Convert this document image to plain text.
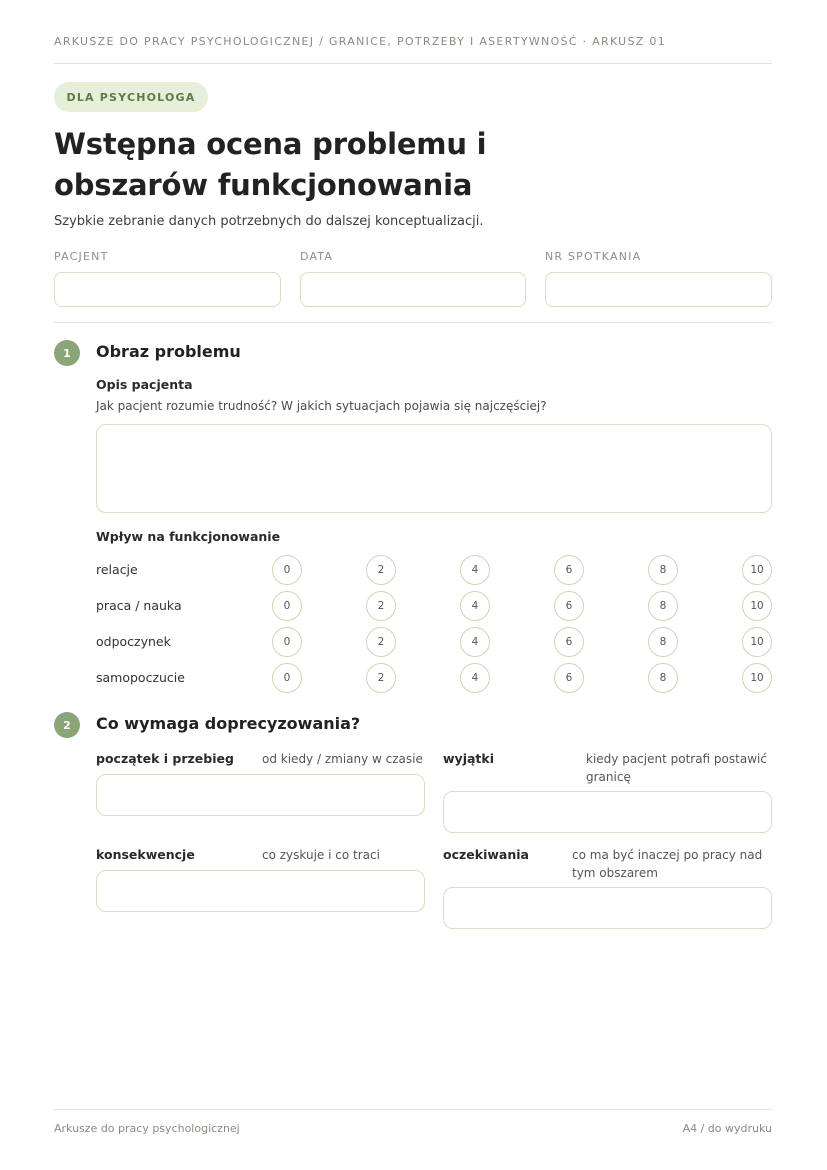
ARKUSZE DO PRACY PSYCHOLOGICZNEJ / GRANICE, POTRZEBY I ASERTYWNOŚĆ · ARKUSZ 01
DLA PSYCHOLOGA
Wstępna ocena problemu i obszarów funkcjonowania
Szybkie zebranie danych potrzebnych do dalszej konceptualizacji.
PACJENT	DATA	NR SPOTKANIA
1	Obraz problemu
Opis pacjenta
Jak pacjent rozumie trudność? W jakich sytuacjach pojawia się najczęściej?
Wpływ na funkcjonowanie
relacje	0	2	4	6	8	10
praca / nauka	0	2	4	6	8	10
odpoczynek	0	2	4	6	8	10
samopoczucie	0	2	4	6	8	10
2	Co wymaga doprecyzowania?
początek i przebieg od kiedy / zmiany w czasie	wyjątki	kiedy pacjent potrafi postawić granicę
konsekwencje	co zyskuje i co traci	oczekiwania	co ma być inaczej po pracy nad tym obszarem
Arkusze do pracy psychologicznej	A4 / do wydruku
